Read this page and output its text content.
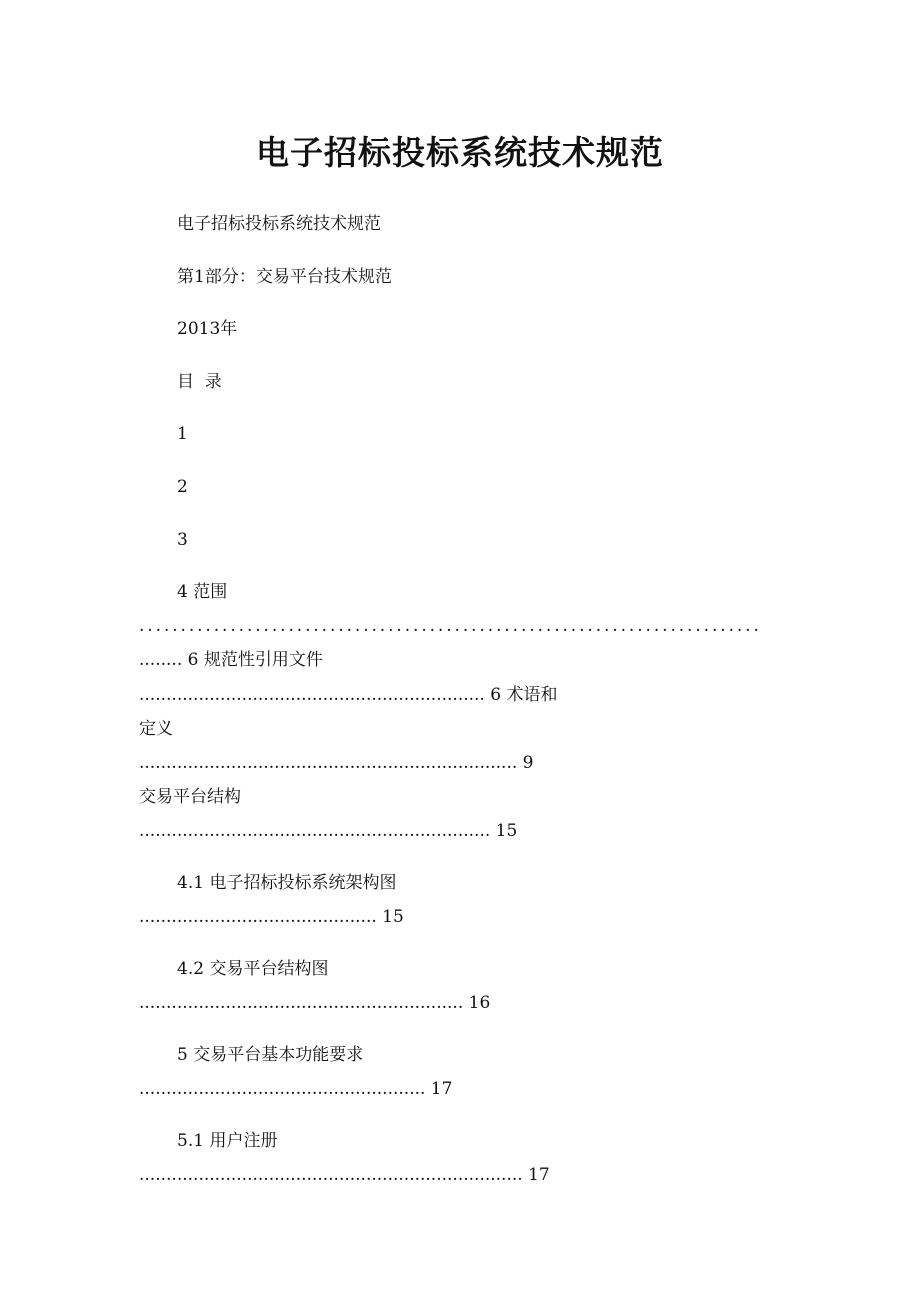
电子招标投标系统技术规范
电子招标投标系统技术规范
第1部分：交易平台技术规范
2013年
目  录
1
2
3
4 范围
...........................................................................
........ 6 规范性引用文件
................................................................ 6 术语和
定义
...................................................................... 9
交易平台结构
................................................................. 15
4.1 电子招标投标系统架构图
............................................ 15
4.2 交易平台结构图
............................................................ 16
5 交易平台基本功能要求
..................................................... 17
5.1 用户注册
....................................................................... 17
